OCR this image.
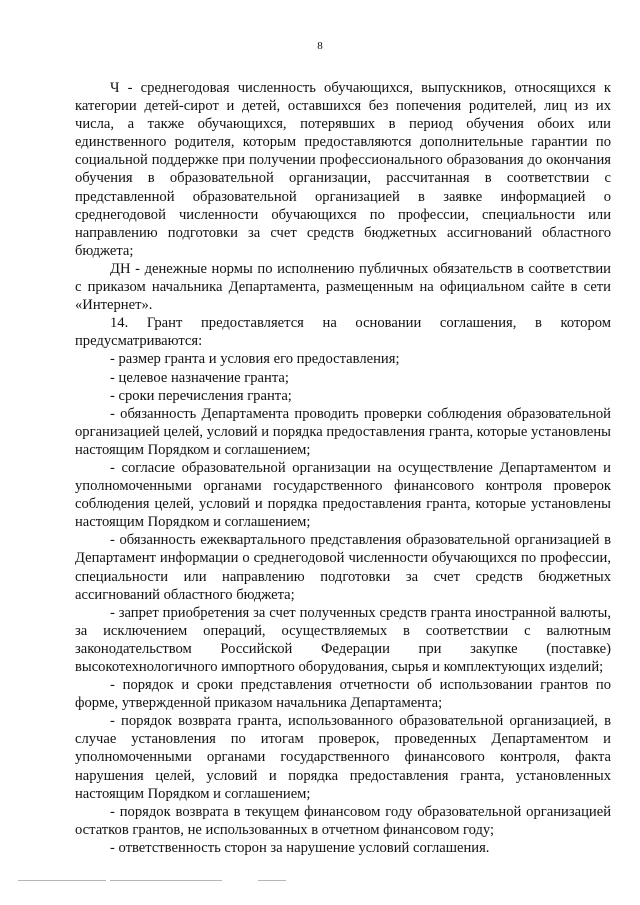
8

Ч - среднегодовая численность обучающихся, выпускников, относящихся к категории детей-сирот и детей, оставшихся без попечения родителей, лиц из их числа, а также обучающихся, потерявших в период обучения обоих или единственного родителя, которым предоставляются дополнительные гарантии по социальной поддержке при получении профессионального образования до окончания обучения в образовательной организации, рассчитанная в соответствии с представленной образовательной организацией в заявке информацией о среднегодовой численности обучающихся по профессии, специальности или направлению подготовки за счет средств бюджетных ассигнований областного бюджета;

ДН - денежные нормы по исполнению публичных обязательств в соответствии с приказом начальника Департамента, размещенным на официальном сайте в сети «Интернет».

14. Грант предоставляется на основании соглашения, в котором предусматриваются:

- размер гранта и условия его предоставления;

- целевое назначение гранта;

- сроки перечисления гранта;

- обязанность Департамента проводить проверки соблюдения образовательной организацией целей, условий и порядка предоставления гранта, которые установлены настоящим Порядком и соглашением;

- согласие образовательной организации на осуществление Департаментом и уполномоченными органами государственного финансового контроля проверок соблюдения целей, условий и порядка предоставления гранта, которые установлены настоящим Порядком и соглашением;

- обязанность ежеквартального представления образовательной организацией в Департамент информации о среднегодовой численности обучающихся по профессии, специальности или направлению подготовки за счет средств бюджетных ассигнований областного бюджета;

- запрет приобретения за счет полученных средств гранта иностранной валюты, за исключением операций, осуществляемых в соответствии с валютным законодательством Российской Федерации при закупке (поставке) высокотехнологичного импортного оборудования, сырья и комплектующих изделий;

- порядок и сроки представления отчетности об использовании грантов по форме, утвержденной приказом начальника Департамента;

- порядок возврата гранта, использованного образовательной организацией, в случае установления по итогам проверок, проведенных Департаментом и уполномоченными органами государственного финансового контроля, факта нарушения целей, условий и порядка предоставления гранта, установленных настоящим Порядком и соглашением;

- порядок возврата в текущем финансовом году образовательной организацией остатков грантов, не использованных в отчетном финансовом году;

- ответственность сторон за нарушение условий соглашения.
